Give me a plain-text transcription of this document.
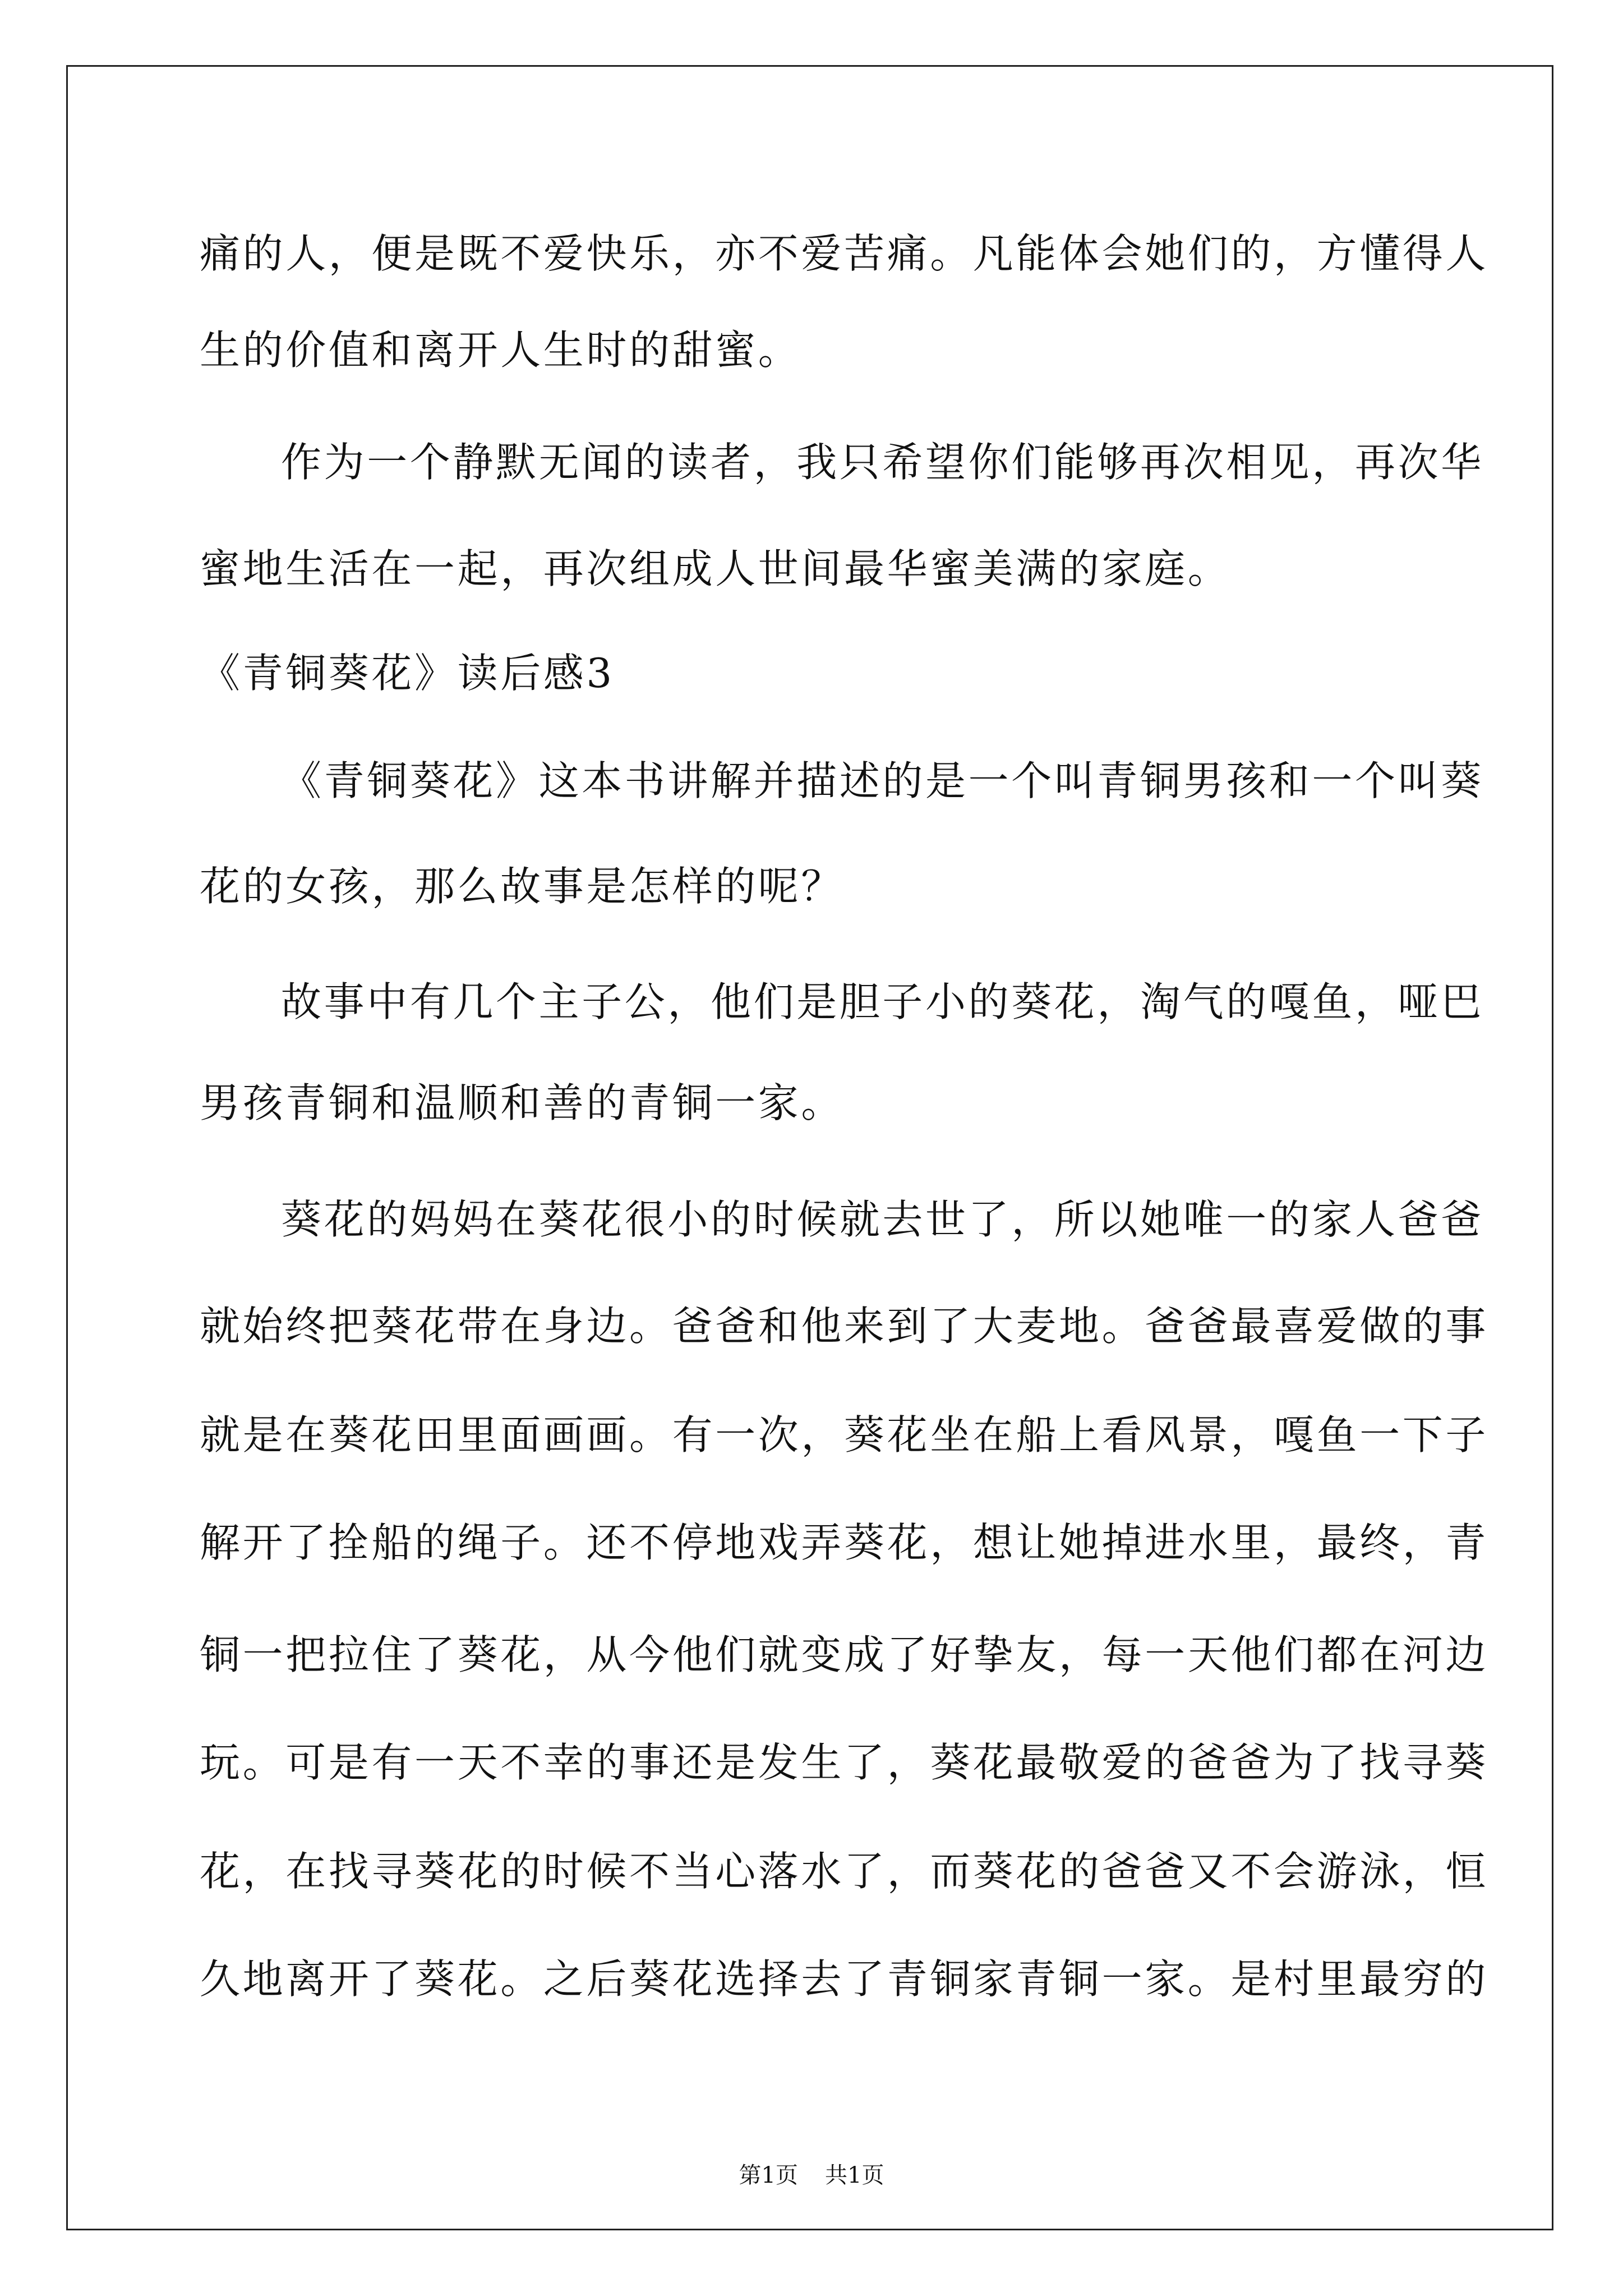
痛的人，便是既不爱快乐，亦不爱苦痛。凡能体会她们的，方懂得人
生的价值和离开人生时的甜蜜。
作为一个静默无闻的读者，我只希望你们能够再次相见，再次华
蜜地生活在一起，再次组成人世间最华蜜美满的家庭。
《青铜葵花》读后感3
《青铜葵花》这本书讲解并描述的是一个叫青铜男孩和一个叫葵
花的女孩，那么故事是怎样的呢？
故事中有几个主子公，他们是胆子小的葵花，淘气的嘎鱼，哑巴
男孩青铜和温顺和善的青铜一家。
葵花的妈妈在葵花很小的时候就去世了，所以她唯一的家人爸爸
就始终把葵花带在身边。爸爸和他来到了大麦地。爸爸最喜爱做的事
就是在葵花田里面画画。有一次，葵花坐在船上看风景，嘎鱼一下子
解开了拴船的绳子。还不停地戏弄葵花，想让她掉进水里，最终，青
铜一把拉住了葵花，从今他们就变成了好挚友，每一天他们都在河边
玩。可是有一天不幸的事还是发生了，葵花最敬爱的爸爸为了找寻葵
花，在找寻葵花的时候不当心落水了，而葵花的爸爸又不会游泳，恒
久地离开了葵花。之后葵花选择去了青铜家青铜一家。是村里最穷的
第1页 共1页
